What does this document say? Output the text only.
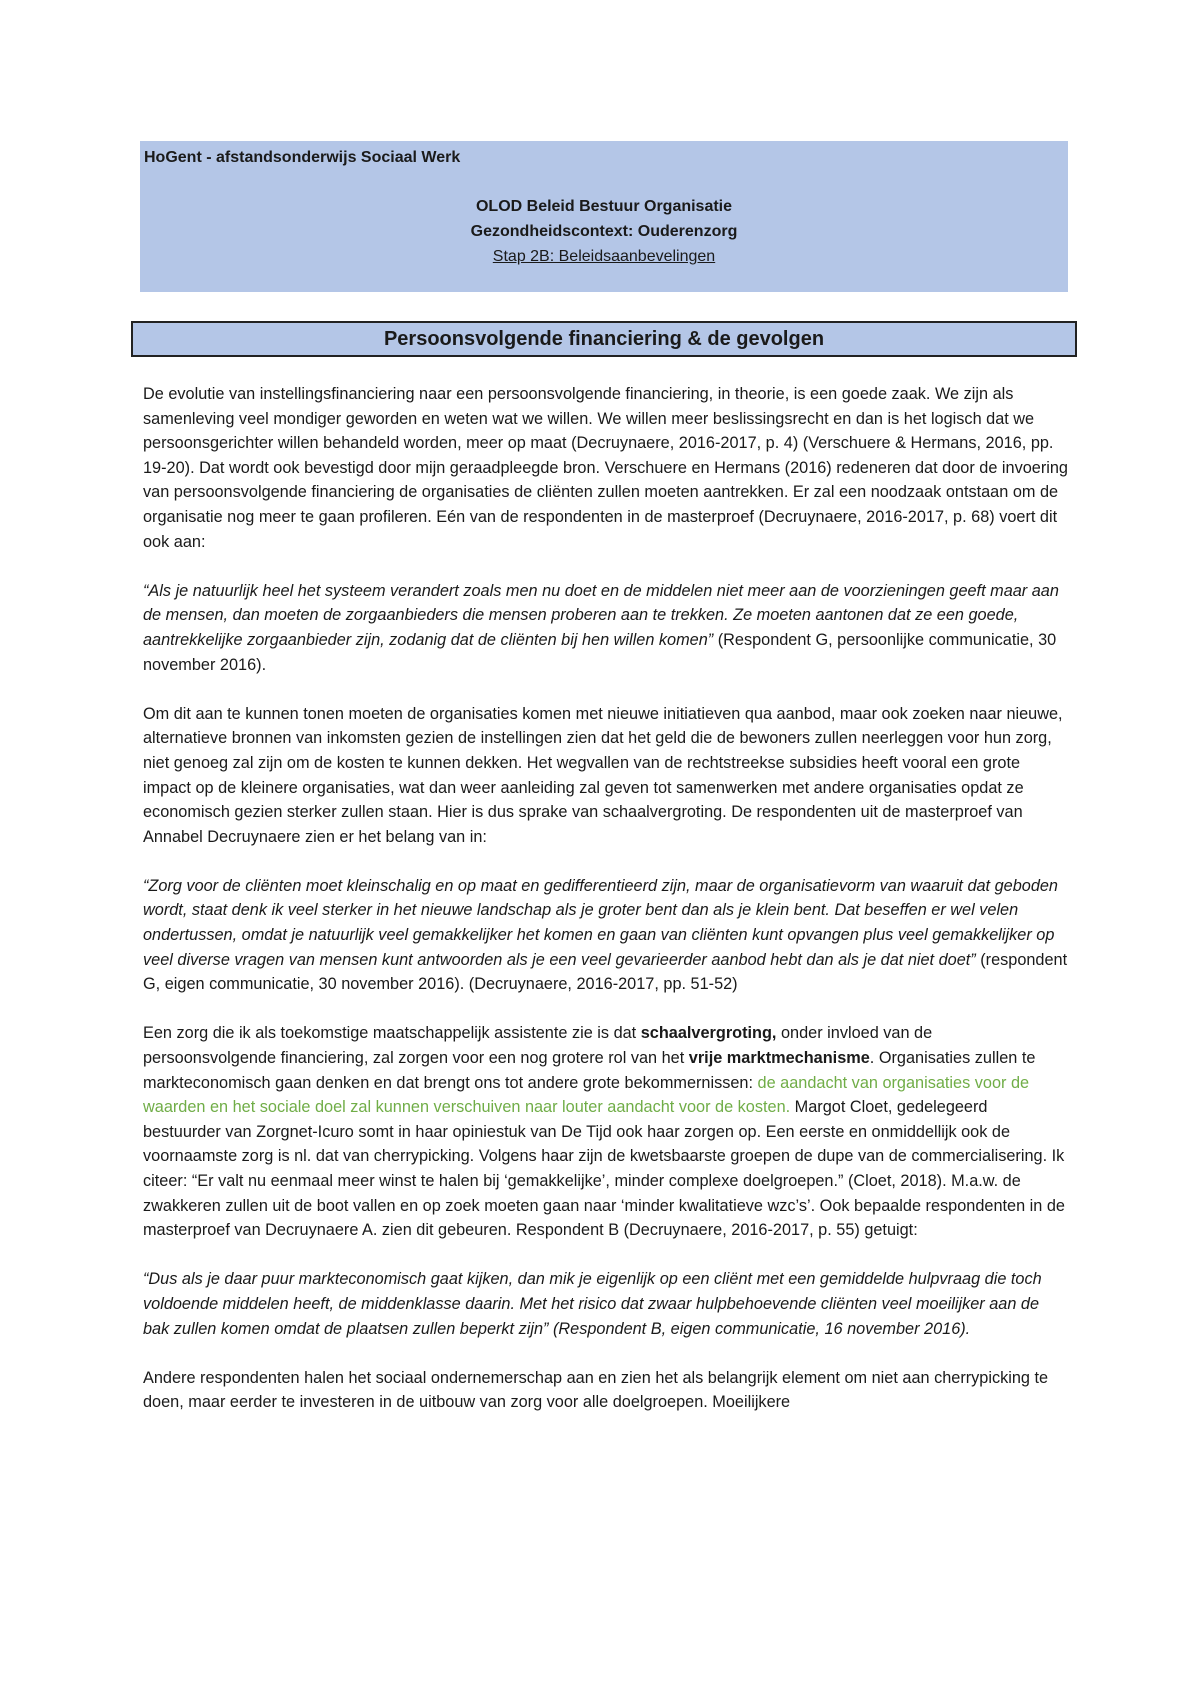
HoGent - afstandsonderwijs Sociaal Werk
OLOD Beleid Bestuur Organisatie
Gezondheidscontext: Ouderenzorg
Stap 2B: Beleidsaanbevelingen
Persoonsvolgende financiering & de gevolgen

De evolutie van instellingsfinanciering naar een persoonsvolgende financiering, in theorie, is een goede zaak. We zijn als samenleving veel mondiger geworden en weten wat we willen. We willen meer beslissingsrecht en dan is het logisch dat we persoonsgerichter willen behandeld worden, meer op maat (Decruynaere, 2016-2017, p. 4) (Verschuere & Hermans, 2016, pp. 19-20). Dat wordt ook bevestigd door mijn geraadpleegde bron. Verschuere en Hermans (2016) redeneren dat door de invoering van persoonsvolgende financiering de organisaties de cliënten zullen moeten aantrekken. Er zal een noodzaak ontstaan om de organisatie nog meer te gaan profileren. Eén van de respondenten in de masterproef (Decruynaere, 2016-2017, p. 68) voert dit ook aan:

“Als je natuurlijk heel het systeem verandert zoals men nu doet en de middelen niet meer aan de voorzieningen geeft maar aan de mensen, dan moeten de zorgaanbieders die mensen proberen aan te trekken. Ze moeten aantonen dat ze een goede, aantrekkelijke zorgaanbieder zijn, zodanig dat de cliënten bij hen willen komen” (Respondent G, persoonlijke communicatie, 30 november 2016).

Om dit aan te kunnen tonen moeten de organisaties komen met nieuwe initiatieven qua aanbod, maar ook zoeken naar nieuwe, alternatieve bronnen van inkomsten gezien de instellingen zien dat het geld die de bewoners zullen neerleggen voor hun zorg, niet genoeg zal zijn om de kosten te kunnen dekken. Het wegvallen van de rechtstreekse subsidies heeft vooral een grote impact op de kleinere organisaties, wat dan weer aanleiding zal geven tot samenwerken met andere organisaties opdat ze economisch gezien sterker zullen staan. Hier is dus sprake van schaalvergroting. De respondenten uit de masterproef van Annabel Decruynaere zien er het belang van in:

“Zorg voor de cliënten moet kleinschalig en op maat en gedifferentieerd zijn, maar de organisatievorm van waaruit dat geboden wordt, staat denk ik veel sterker in het nieuwe landschap als je groter bent dan als je klein bent. Dat beseffen er wel velen ondertussen, omdat je natuurlijk veel gemakkelijker het komen en gaan van cliënten kunt opvangen plus veel gemakkelijker op veel diverse vragen van mensen kunt antwoorden als je een veel gevarieerder aanbod hebt dan als je dat niet doet” (respondent G, eigen communicatie, 30 november 2016). (Decruynaere, 2016-2017, pp. 51-52)

Een zorg die ik als toekomstige maatschappelijk assistente zie is dat schaalvergroting, onder invloed van de persoonsvolgende financiering, zal zorgen voor een nog grotere rol van het vrije marktmechanisme. Organisaties zullen te markteconomisch gaan denken en dat brengt ons tot andere grote bekommernissen: de aandacht van organisaties voor de waarden en het sociale doel zal kunnen verschuiven naar louter aandacht voor de kosten. Margot Cloet, gedelegeerd bestuurder van Zorgnet-Icuro somt in haar opiniestuk van De Tijd ook haar zorgen op. Een eerste en onmiddellijk ook de voornaamste zorg is nl. dat van cherrypicking. Volgens haar zijn de kwetsbaarste groepen de dupe van de commercialisering. Ik citeer: “Er valt nu eenmaal meer winst te halen bij ‘gemakkelijke’, minder complexe doelgroepen.” (Cloet, 2018). M.a.w. de zwakkeren zullen uit de boot vallen en op zoek moeten gaan naar ‘minder kwalitatieve wzc’s’. Ook bepaalde respondenten in de masterproef van Decruynaere A. zien dit gebeuren. Respondent B (Decruynaere, 2016-2017, p. 55) getuigt:

“Dus als je daar puur markteconomisch gaat kijken, dan mik je eigenlijk op een cliënt met een gemiddelde hulpvraag die toch voldoende middelen heeft, de middenklasse daarin. Met het risico dat zwaar hulpbehoevende cliënten veel moeilijker aan de bak zullen komen omdat de plaatsen zullen beperkt zijn” (Respondent B, eigen communicatie, 16 november 2016).

Andere respondenten halen het sociaal ondernemerschap aan en zien het als belangrijk element om niet aan cherrypicking te doen, maar eerder te investeren in de uitbouw van zorg voor alle doelgroepen. Moeilijkere
